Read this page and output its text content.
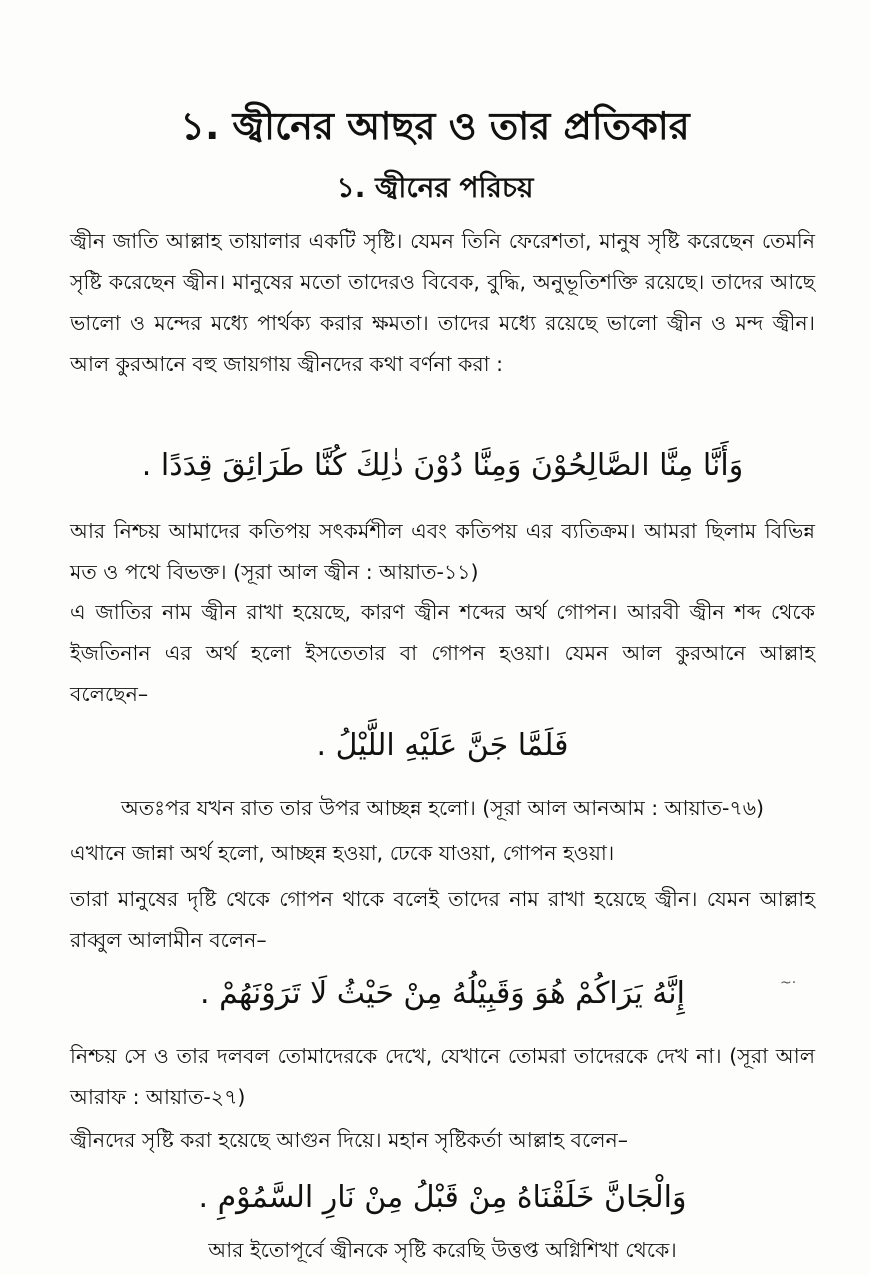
১. জ্বীনের আছর ও তার প্রতিকার
১. জ্বীনের পরিচয়
জ্বীন জাতি আল্লাহ তায়ালার একটি সৃষ্টি। যেমন তিনি ফেরেশতা, মানুষ সৃষ্টি করেছেন তেমনি সৃষ্টি করেছেন জ্বীন। মানুষের মতো তাদেরও বিবেক, বুদ্ধি, অনুভূতিশক্তি রয়েছে। তাদের আছে ভালো ও মন্দের মধ্যে পার্থক্য করার ক্ষমতা। তাদের মধ্যে রয়েছে ভালো জ্বীন ও মন্দ জ্বীন। আল কুরআনে বহু জায়গায় জ্বীনদের কথা বর্ণনা করা :
وَأَنَّا مِنَّا الصَّالِحُوْنَ وَمِنَّا دُوْنَ ذٰلِكَ كُنَّا طَرَائِقَ قِدَدًا .
আর নিশ্চয় আমাদের কতিপয় সৎকর্মশীল এবং কতিপয় এর ব্যতিক্রম। আমরা ছিলাম বিভিন্ন মত ও পথে বিভক্ত। (সূরা আল জ্বীন : আয়াত-১১)
এ জাতির নাম জ্বীন রাখা হয়েছে, কারণ জ্বীন শব্দের অর্থ গোপন। আরবী জ্বীন শব্দ থেকে ইজতিনান এর অর্থ হলো ইসতেতার বা গোপন হওয়া। যেমন আল কুরআনে আল্লাহ বলেছেন–
فَلَمَّا جَنَّ عَلَيْهِ اللَّيْلُ .
অতঃপর যখন রাত তার উপর আচ্ছন্ন হলো। (সূরা আল আনআম : আয়াত-৭৬)
এখানে জান্না অর্থ হলো, আচ্ছন্ন হওয়া, ঢেকে যাওয়া, গোপন হওয়া।
তারা মানুষের দৃষ্টি থেকে গোপন থাকে বলেই তাদের নাম রাখা হয়েছে জ্বীন। যেমন আল্লাহ রাব্বুল আলামীন বলেন–
إِنَّهُ يَرَاكُمْ هُوَ وَقَبِيْلُهُ مِنْ حَيْثُ لَا تَرَوْنَهُمْ .
নিশ্চয় সে ও তার দলবল তোমাদেরকে দেখে, যেখানে তোমরা তাদেরকে দেখ না। (সূরা আল আরাফ : আয়াত-২৭)
জ্বীনদের সৃষ্টি করা হয়েছে আগুন দিয়ে। মহান সৃষ্টিকর্তা আল্লাহ বলেন–
وَالْجَانَّ خَلَقْنَاهُ مِنْ قَبْلُ مِنْ نَارِ السَّمُوْمِ .
আর ইতোপূর্বে জ্বীনকে সৃষ্টি করেছি উত্তপ্ত অগ্নিশিখা থেকে।
~·
